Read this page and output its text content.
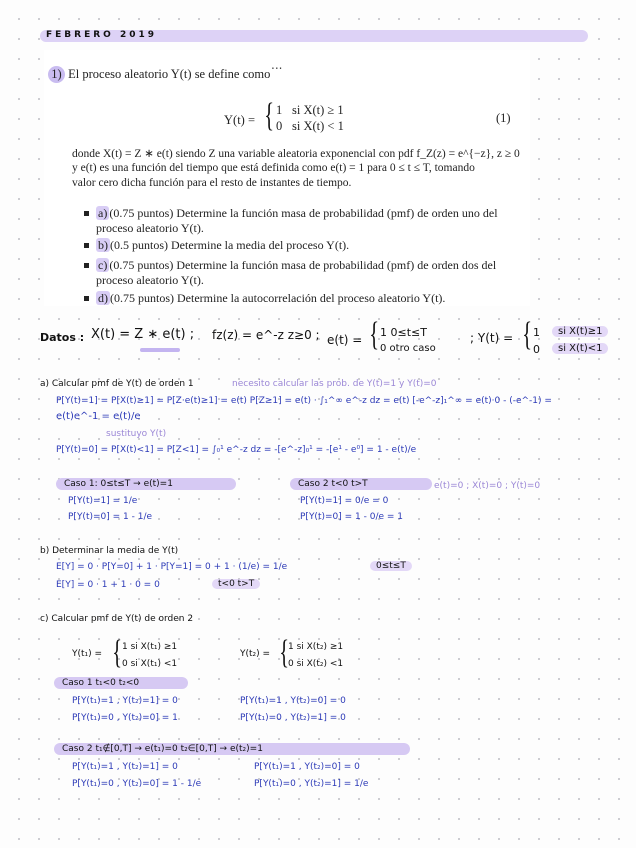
FEBRERO 2019
...
1) El proceso aleatorio Y(t) se define como
Y(t) = { 1 si X(t) ≥ 1
0 si X(t) < 1
(1)
donde X(t) = Z ∗ e(t) siendo Z una variable aleatoria exponencial con pdf f_Z(z) = e^{−z}, z ≥ 0
y e(t) es una función del tiempo que está definida como e(t) = 1 para 0 ≤ t ≤ T, tomando
valor cero dicha función para el resto de instantes de tiempo.
a) (0.75 puntos) Determine la función masa de probabilidad (pmf) de orden uno del proceso aleatorio Y(t).
b) (0.5 puntos) Determine la media del proceso Y(t).
c) (0.75 puntos) Determine la función masa de probabilidad (pmf) de orden dos del proceso aleatorio Y(t).
d) (0.75 puntos) Determine la autocorrelación del proceso aleatorio Y(t).
Datos : X(t) = Z ∗ e(t) ; fz(z) = e^-z z≥0 ; e(t) = { 1 0≤t≤T
0 otro caso
; Y(t) = { 1	si X(t)≥1
0	si X(t)<1
a) Calcular pmf de Y(t) de orden 1	necesito calcular las prob. de Y(t)=1 y Y(t)=0
P[Y(t)=1] = P[X(t)≥1] = P[Z·e(t)≥1] = e(t) P[Z≥1] = e(t) · ∫₁^∞ e^-z dz = e(t) [-e^-z]₁^∞ = e(t)·0 - (-e^-1) =
e(t)e^-1 = e(t)/e
sustituyo Y(t)
P[Y(t)=0] = P[X(t)<1] = P[Z<1] = ∫₀¹ e^-z dz = -[e^-z]₀¹ = -[e¹ - e⁰] = 1 - e(t)/e
Caso 1: 0≤t≤T → e(t)=1
P[Y(t)=1] = 1/e
P[Y(t)=0] = 1 - 1/e
Caso 2 t<0 t>T	e(t)=0 ; X(t)=0 ; Y(t)=0
P[Y(t)=1] = 0/e = 0
P[Y(t)=0] = 1 - 0/e = 1
b) Determinar la media de Y(t)
E[Y] = 0 · P[Y=0] + 1 · P[Y=1] = 0 + 1 · (1/e) = 1/e	0≤t≤T
E[Y] = 0 · 1 + 1 · 0 = 0	t<0 t>T
c) Calcular pmf de Y(t) de orden 2
Y(t₁) = { 1 si X(t₁) ≥1
0 si X(t₁) <1
Y(t₂) = {
1 si X(t₂) ≥1
0 si X(t₂) <1
Caso 1 t₁<0 t₂<0
P[Y(t₁)=1 , Y(t₂)=1] = 0	P[Y(t₁)=1 , Y(t₂)=0] = 0
P[Y(t₁)=0 , Y(t₂)=0] = 1	P[Y(t₁)=0 , Y(t₂)=1] = 0
Caso 2 t₁∉[0,T] → e(t₁)=0 t₂∈[0,T] → e(t₂)=1
P[Y(t₁)=1 , Y(t₂)=1] = 0	P[Y(t₁)=1 , Y(t₂)=0] = 0
P[Y(t₁)=0 , Y(t₂)=0] = 1 - 1/e	P[Y(t₁)=0 , Y(t₂)=1] = 1/e
